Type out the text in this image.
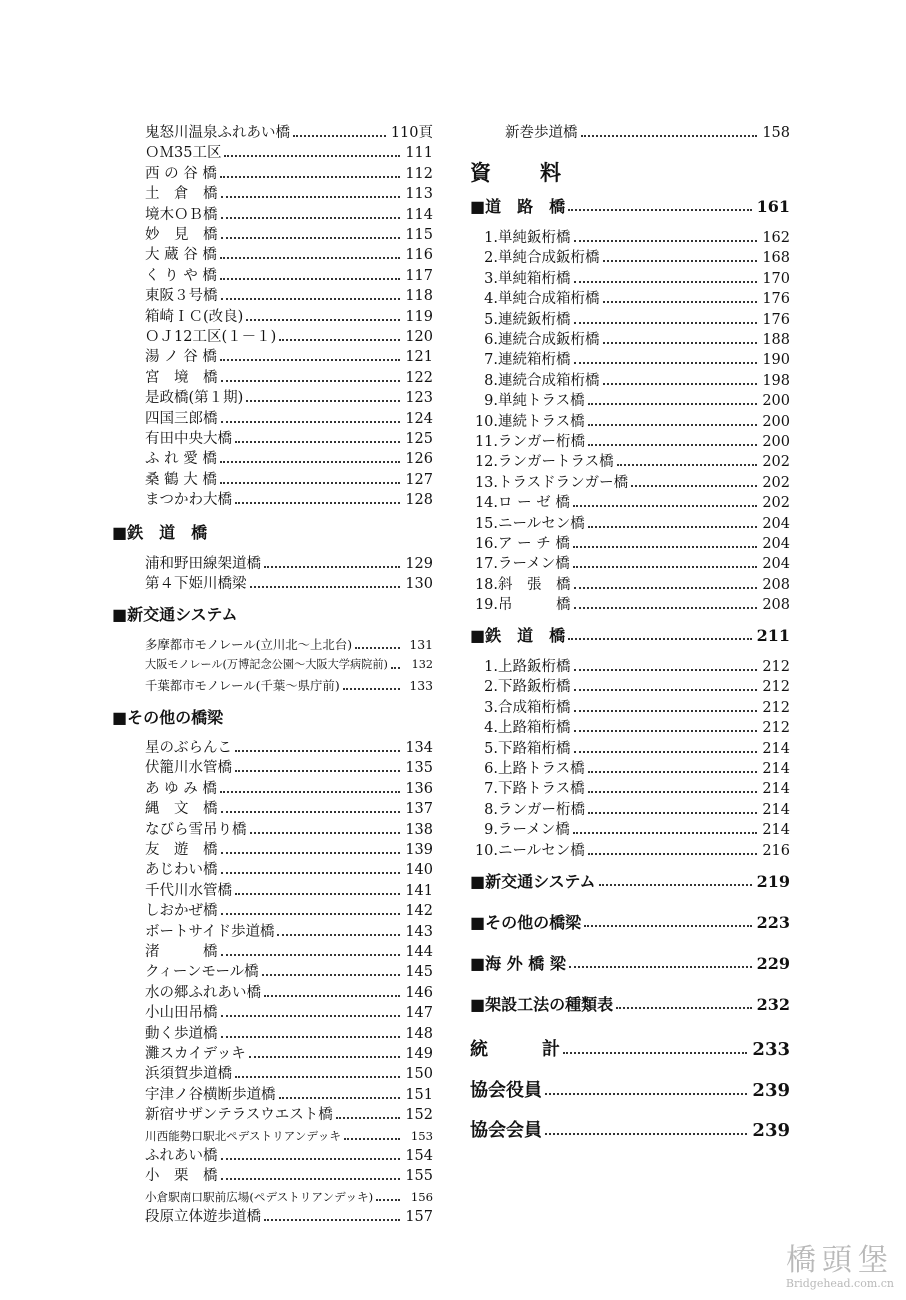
鬼怒川温泉ふれあい橋	110頁
ＯＭ35工区	111
西 の 谷 橋	112
土　倉　橋	113
境木ＯＢ橋	114
妙　見　橋	115
大 蔵 谷 橋	116
く り や 橋	117
東阪３号橋	118
箱崎ＩＣ(改良)	119
ＯＪ12工区(１－１)	120
湯 ノ 谷 橋	121
宮　境　橋	122
是政橋(第１期)	123
四国三郎橋	124
有田中央大橋	125
ふ れ 愛 橋	126
桑 鶴 大 橋	127
まつかわ大橋	128
■鉄　道　橋
浦和野田線架道橋	129
第４下姫川橋梁	130
■新交通システム
多摩都市モノレール(立川北～上北台)	131
大阪モノレール(万博記念公園～大阪大学病院前)	132
千葉都市モノレール(千葉～県庁前)	133
■その他の橋梁
星のぶらんこ	134
伏籠川水管橋	135
あ ゆ み 橋	136
縄　文　橋	137
なびら雪吊り橋	138
友　遊　橋	139
あじわい橋	140
千代川水管橋	141
しおかぜ橋	142
ボートサイド歩道橋	143
渚　　　橋	144
クィーンモール橋	145
水の郷ふれあい橋	146
小山田吊橋	147
動く歩道橋	148
灘スカイデッキ	149
浜須賀歩道橋	150
宇津ノ谷横断歩道橋	151
新宿サザンテラスウエスト橋	152
川西能勢口駅北ペデストリアンデッキ	153
ふれあい橋	154
小　栗　橋	155
小倉駅南口駅前広場(ペデストリアンデッキ)	156
段原立体遊歩道橋	157
新巻歩道橋	158
資　料
■道　路　橋	161
1.単純鈑桁橋	162
2.単純合成鈑桁橋	168
3.単純箱桁橋	170
4.単純合成箱桁橋	176
5.連続鈑桁橋	176
6.連続合成鈑桁橋	188
7.連続箱桁橋	190
8.連続合成箱桁橋	198
9.単純トラス橋	200
10.連続トラス橋	200
11.ランガー桁橋	200
12.ランガートラス橋	202
13.トラスドランガー橋	202
14.ロ ー ゼ 橋	202
15.ニールセン橋	204
16.ア ー チ 橋	204
17.ラーメン橋	204
18.斜　張　橋	208
19.吊　　　橋	208
■鉄　道　橋	211
1.上路鈑桁橋	212
2.下路鈑桁橋	212
3.合成箱桁橋	212
4.上路箱桁橋	212
5.下路箱桁橋	214
6.上路トラス橋	214
7.下路トラス橋	214
8.ランガー桁橋	214
9.ラーメン橋	214
10.ニールセン橋	216
■新交通システム	219
■その他の橋梁	223
■海 外 橋 梁	229
■架設工法の種類表	232
統　　　計	233
協会役員	239
協会会員	239
橋頭堡
Bridgehead.com.cn
